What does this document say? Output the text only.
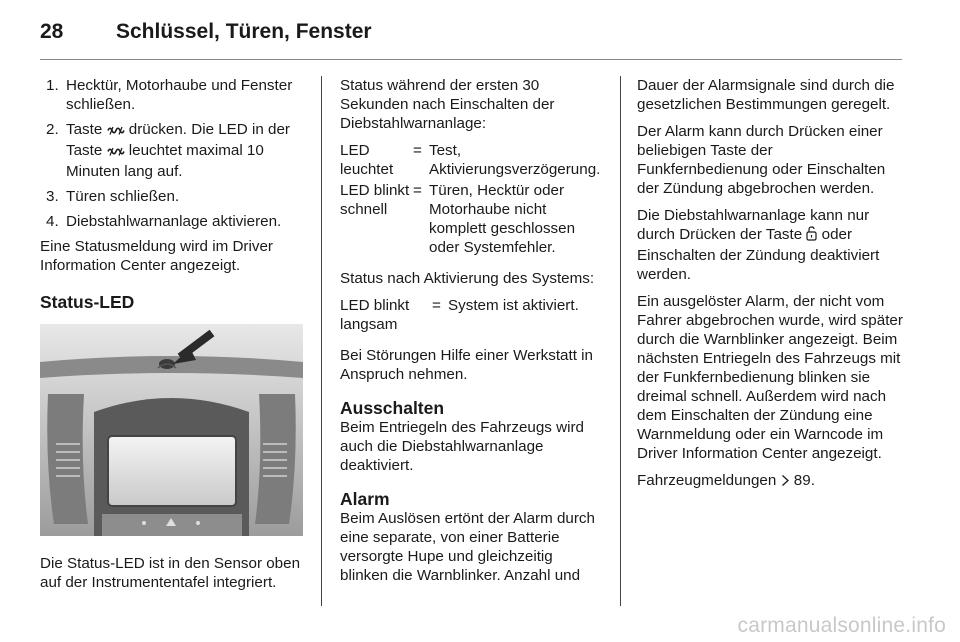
28	Schlüssel, Türen, Fenster
1. Hecktür, Motorhaube und Fenster schließen.
2. Taste  drücken. Die LED in der Taste  leuchtet maximal 10 Minuten lang auf.
3. Türen schließen.
4. Diebstahlwarnanlage aktivieren.

Eine Statusmeldung wird im Driver Information Center angezeigt.

Status-LED

Die Status-LED ist in den Sensor oben auf der Instrumententafel integriert.

Status während der ersten 30 Sekunden nach Einschalten der Diebstahlwarnanlage:

LED leuchtet	=	Test, Aktivierungsverzögerung.
LED blinkt schnell	=	Türen, Hecktür oder Motorhaube nicht komplett geschlossen oder Systemfehler.

Status nach Aktivierung des Systems:

LED blinkt langsam	=	System ist aktiviert.

Bei Störungen Hilfe einer Werkstatt in Anspruch nehmen.

Ausschalten

Beim Entriegeln des Fahrzeugs wird auch die Diebstahlwarnanlage deaktiviert.

Alarm

Beim Auslösen ertönt der Alarm durch eine separate, von einer Batterie versorgte Hupe und gleichzeitig blinken die Warnblinker. Anzahl und

Dauer der Alarmsignale sind durch die gesetzlichen Bestimmungen geregelt.

Der Alarm kann durch Drücken einer beliebigen Taste der Funkfernbedienung oder Einschalten der Zündung abgebrochen werden.

Die Diebstahlwarnanlage kann nur durch Drücken der Taste  oder Einschalten der Zündung deaktiviert werden.

Ein ausgelöster Alarm, der nicht vom Fahrer abgebrochen wurde, wird später durch die Warnblinker angezeigt. Beim nächsten Entriegeln des Fahrzeugs mit der Funkfernbedienung blinken sie dreimal schnell. Außerdem wird nach dem Einschalten der Zündung eine Warnmeldung oder ein Warncode im Driver Information Center angezeigt.

Fahrzeugmeldungen 89.

carmanualsonline.info
